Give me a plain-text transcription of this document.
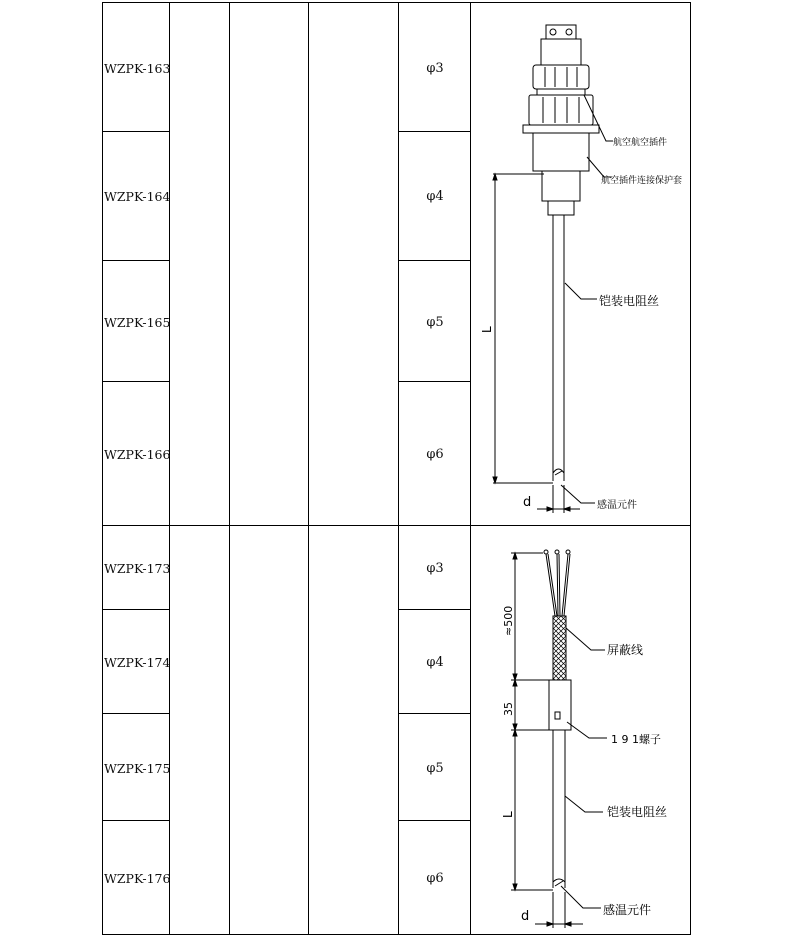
WZPK-163
WZPK-164
WZPK-165
WZPK-166
WZPK-173
WZPK-174
WZPK-175
WZPK-176
φ3
φ4
φ5
φ6
φ3
φ4
φ5
φ6
L
d
航空航空插件
航空插件连接保护套
铠装电阻丝
感温元件
≈500
35
L
d
屏蔽线
1 9 1螺子
铠装电阻丝
感温元件
